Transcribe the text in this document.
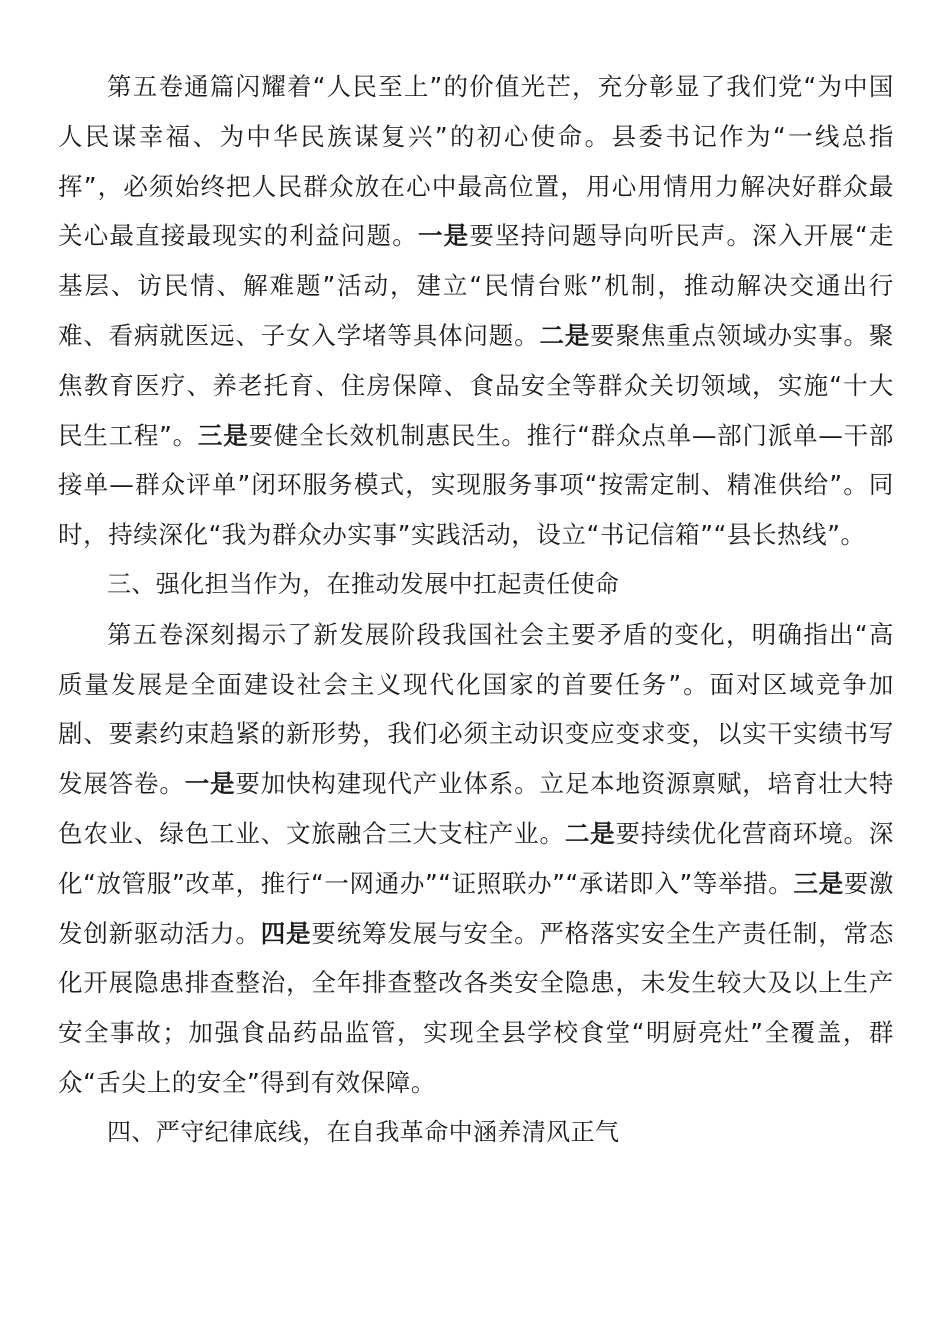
第五卷通篇闪耀着“人民至上”的价值光芒，充分彰显了我们党“为中国人民谋幸福、为中华民族谋复兴”的初心使命。县委书记作为“一线总指挥”，必须始终把人民群众放在心中最高位置，用心用情用力解决好群众最关心最直接最现实的利益问题。一是要坚持问题导向听民声。深入开展“走基层、访民情、解难题”活动，建立“民情台账”机制，推动解决交通出行难、看病就医远、子女入学堵等具体问题。二是要聚焦重点领域办实事。聚焦教育医疗、养老托育、住房保障、食品安全等群众关切领域，实施“十大民生工程”。三是要健全长效机制惠民生。推行“群众点单—部门派单—干部接单—群众评单”闭环服务模式，实现服务事项“按需定制、精准供给”。同时，持续深化“我为群众办实事”实践活动，设立“书记信箱”“县长热线”。

三、强化担当作为，在推动发展中扛起责任使命

第五卷深刻揭示了新发展阶段我国社会主要矛盾的变化，明确指出“高质量发展是全面建设社会主义现代化国家的首要任务”。面对区域竞争加剧、要素约束趋紧的新形势，我们必须主动识变应变求变，以实干实绩书写发展答卷。一是要加快构建现代产业体系。立足本地资源禀赋，培育壮大特色农业、绿色工业、文旅融合三大支柱产业。二是要持续优化营商环境。深化“放管服”改革，推行“一网通办”“证照联办”“承诺即入”等举措。三是要激发创新驱动活力。四是要统筹发展与安全。严格落实安全生产责任制，常态化开展隐患排查整治，全年排查整改各类安全隐患，未发生较大及以上生产安全事故；加强食品药品监管，实现全县学校食堂“明厨亮灶”全覆盖，群众“舌尖上的安全”得到有效保障。

四、严守纪律底线，在自我革命中涵养清风正气
